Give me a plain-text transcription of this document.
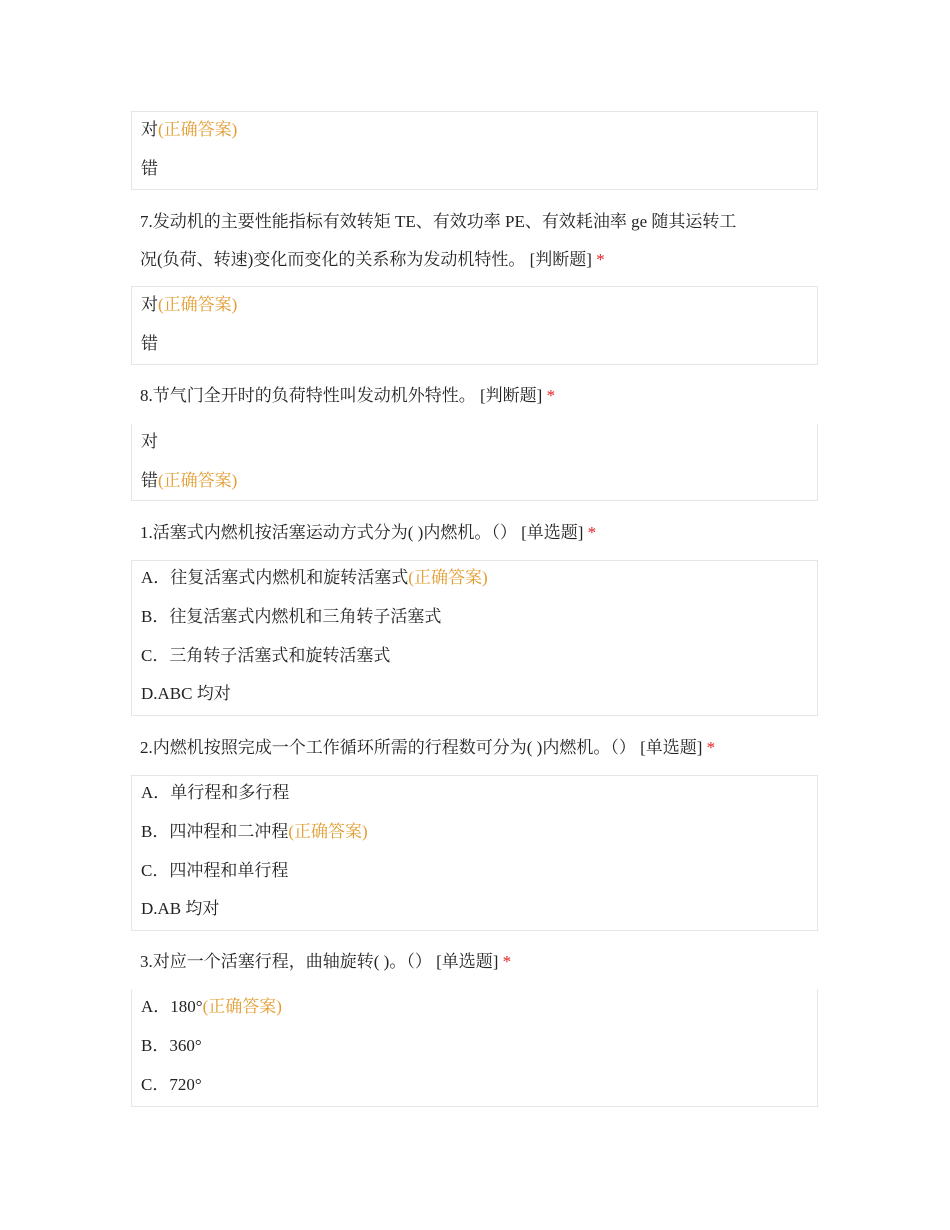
对(正确答案)
错
7.发动机的主要性能指标有效转矩 TE、有效功率 PE、有效耗油率 ge 随其运转工
况(负荷、转速)变化而变化的关系称为发动机特性。 [判断题] *
对(正确答案)
错
8.节气门全开时的负荷特性叫发动机外特性。 [判断题] *
对
错(正确答案)
1.活塞式内燃机按活塞运动方式分为( )内燃机。（） [单选题] *
A．往复活塞式内燃机和旋转活塞式(正确答案)
B．往复活塞式内燃机和三角转子活塞式
C．三角转子活塞式和旋转活塞式
D.ABC 均对
2.内燃机按照完成一个工作循环所需的行程数可分为( )内燃机。（） [单选题] *
A．单行程和多行程
B．四冲程和二冲程(正确答案)
C．四冲程和单行程
D.AB 均对
3.对应一个活塞行程，曲轴旋转( )。（） [单选题] *
A．180°(正确答案)
B．360°
C．720°
